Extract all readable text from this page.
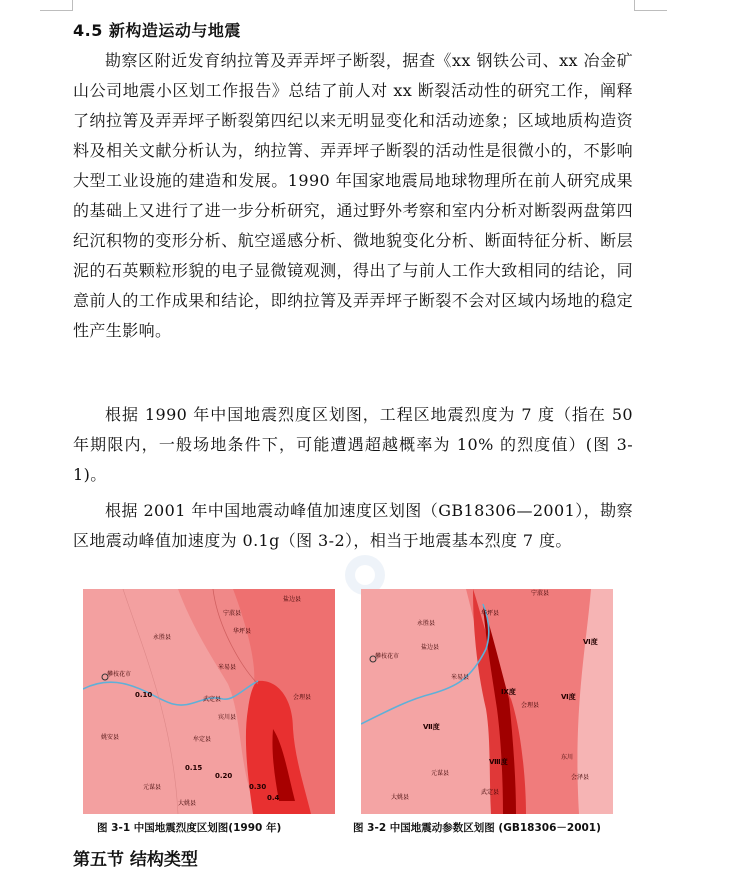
4.5 新构造运动与地震

勘察区附近发育纳拉箐及弄弄坪子断裂，据查《xx 钢铁公司、xx 冶金矿山公司地震小区划工作报告》总结了前人对 xx 断裂活动性的研究工作，阐释了纳拉箐及弄弄坪子断裂第四纪以来无明显变化和活动迹象；区域地质构造资料及相关文献分析认为，纳拉箐、弄弄坪子断裂的活动性是很微小的，不影响大型工业设施的建造和发展。1990 年国家地震局地球物理所在前人研究成果的基础上又进行了进一步分析研究，通过野外考察和室内分析对断裂两盘第四纪沉积物的变形分析、航空遥感分析、微地貌变化分析、断面特征分析、断层泥的石英颗粒形貌的电子显微镜观测，得出了与前人工作大致相同的结论，同意前人的工作成果和结论，即纳拉箐及弄弄坪子断裂不会对区域内场地的稳定性产生影响。

根据 1990 年中国地震烈度区划图，工程区地震烈度为 7 度（指在 50 年期限内，一般场地条件下，可能遭遇超越概率为 10% 的烈度值）(图 3-1)。

根据 2001 年中国地震动峰值加速度区划图（GB18306—2001），勘察区地震动峰值加速度为 0.1g（图 3-2），相当于地震基本烈度 7 度。

0.10
0.15
0.20
0.30
0.4
宁蒗县
永胜县
华坪县
盐边县
攀枝花市
米易县
会理县
武定县
元谋县
大姚县
姚安县	牟定县
宾川县
图 3-1 中国地震烈度区划图(1990 年)
Ⅶ度
Ⅷ度
Ⅸ度
Ⅵ度
Ⅵ度
宁蒗县
永胜县
华坪县
攀枝花市
盐边县
米易县
会理县
元谋县
武定县
大姚县
东川
会泽县
图 3-2 中国地震动参数区划图 (GB18306－2001)
第五节 结构类型
